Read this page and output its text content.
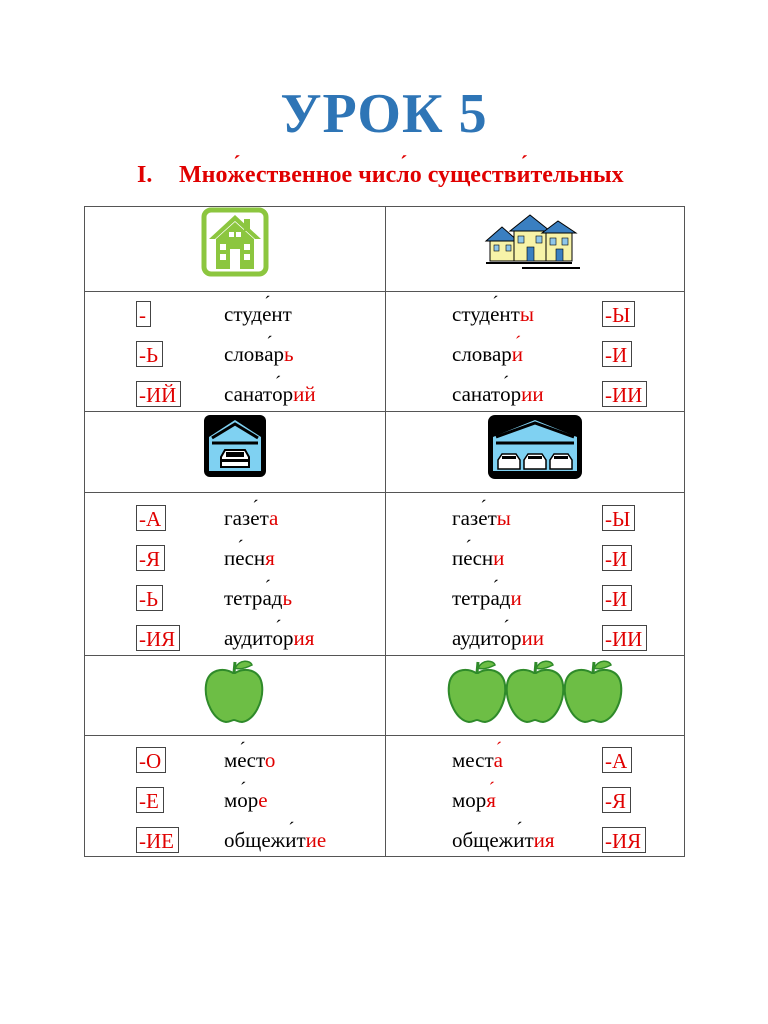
УРОК 5
I. Множ ´ественное числ ´о существи ´тельных
-	студе ´нт	студе ´нты	-Ы
-Ь	слова ´рь	словари ´	-И
-ИЙ санато ´рий	санато ´рии	-ИИ
-А	газе ´та	газе ´ты	-Ы
-Я	пе ´сня	пе ´сни	-И
-Ь	тетра ´дь	тетра ´ди	-И
-ИЯ аудито ´рия	аудито ´рии	-ИИ
-О	ме ´сто	места ´	-А
-Е	мо ´ре	моря ´	-Я
-ИЕ общежи ´тие	общежи ´тия -ИЯ
